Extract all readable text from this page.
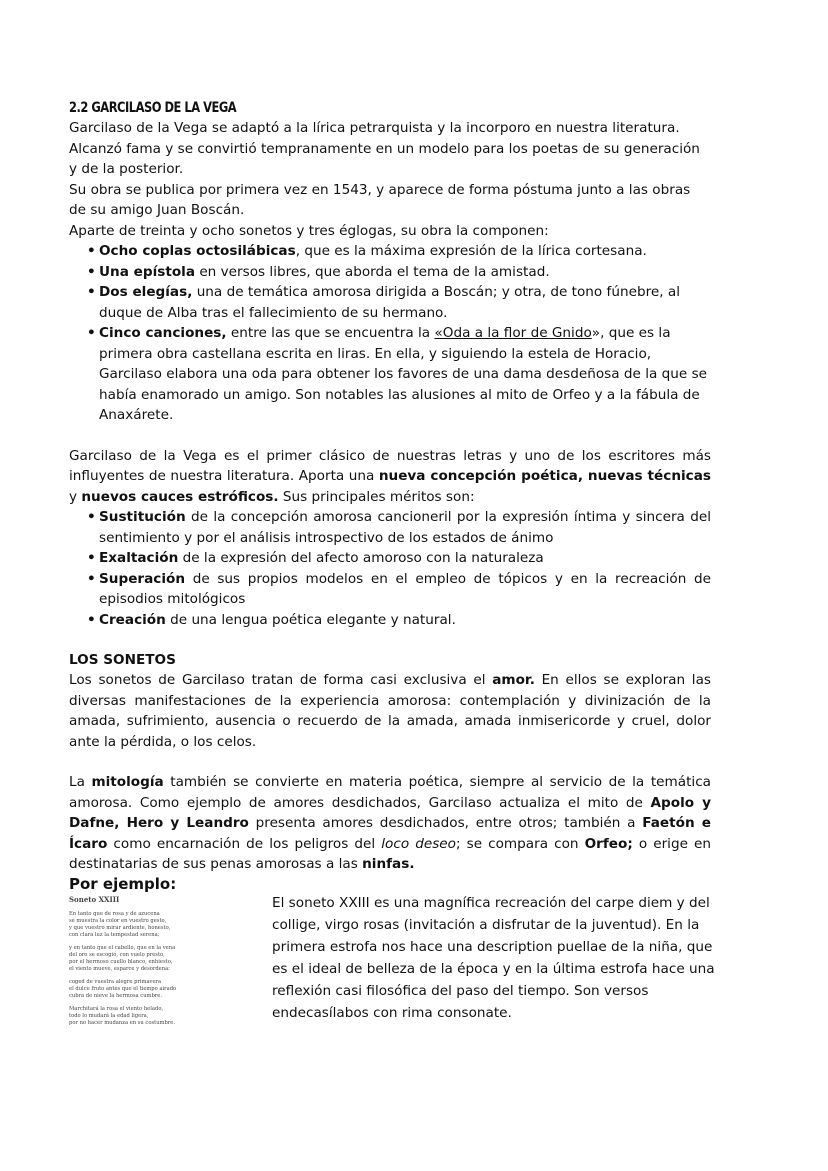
2.2 GARCILASO DE LA VEGA

Garcilaso de la Vega se adaptó a la lírica petrarquista y la incorporo en nuestra literatura. Alcanzó fama y se convirtió tempranamente en un modelo para los poetas de su generación y de la posterior.

Su obra se publica por primera vez en 1543, y aparece de forma póstuma junto a las obras de su amigo Juan Boscán.

Aparte de treinta y ocho sonetos y tres églogas, su obra la componen:

• Ocho coplas octosilábicas, que es la máxima expresión de la lírica cortesana.
• Una epístola en versos libres, que aborda el tema de la amistad.
• Dos elegías, una de temática amorosa dirigida a Boscán; y otra, de tono fúnebre, al duque de Alba tras el fallecimiento de su hermano.
• Cinco canciones, entre las que se encuentra la «Oda a la flor de Gnido», que es la primera obra castellana escrita en liras. En ella, y siguiendo la estela de Horacio, Garcilaso elabora una oda para obtener los favores de una dama desdeñosa de la que se había enamorado un amigo. Son notables las alusiones al mito de Orfeo y a la fábula de Anaxárete.

Garcilaso de la Vega es el primer clásico de nuestras letras y uno de los escritores más influyentes de nuestra literatura. Aporta una nueva concepción poética, nuevas técnicas y nuevos cauces estróficos. Sus principales méritos son:

• Sustitución de la concepción amorosa cancioneril por la expresión íntima y sincera del sentimiento y por el análisis introspectivo de los estados de ánimo
• Exaltación de la expresión del afecto amoroso con la naturaleza
• Superación de sus propios modelos en el empleo de tópicos y en la recreación de episodios mitológicos
• Creación de una lengua poética elegante y natural.

LOS SONETOS

Los sonetos de Garcilaso tratan de forma casi exclusiva el amor. En ellos se exploran las diversas manifestaciones de la experiencia amorosa: contemplación y divinización de la amada, sufrimiento, ausencia o recuerdo de la amada, amada inmisericorde y cruel, dolor ante la pérdida, o los celos.

La mitología también se convierte en materia poética, siempre al servicio de la temática amorosa. Como ejemplo de amores desdichados, Garcilaso actualiza el mito de Apolo y Dafne, Hero y Leandro presenta amores desdichados, entre otros; también a Faetón e Ícaro como encarnación de los peligros del loco deseo; se compara con Orfeo; o erige en destinatarias de sus penas amorosas a las ninfas.

Por ejemplo:

Soneto XXIII

En tanto que de rosa y de azucena
se muestra la color en vuestro gesto,
y que vuestro mirar ardiente, honesto,
con clara luz la tempestad serena;
y en tanto que el cabello, que en la vena
del oro se escogió, con vuelo presto,
por el hermoso cuello blanco, enhiesto,
el viento mueve, esparce y desordena:
coged de vuestra alegre primavera
el dulce fruto antes que el tiempo airado
cubra de nieve la hermosa cumbre.
Marchitará la rosa el viento helado,
todo lo mudará la edad ligera,
por no hacer mudanza en su costumbre.

El soneto XXIII es una magnífica recreación del carpe diem y del collige, virgo rosas (invitación a disfrutar de la juventud). En la primera estrofa nos hace una description puellae de la niña, que es el ideal de belleza de la época y en la última estrofa hace una reflexión casi filosófica del paso del tiempo. Son versos endecasílabos con rima consonate.
